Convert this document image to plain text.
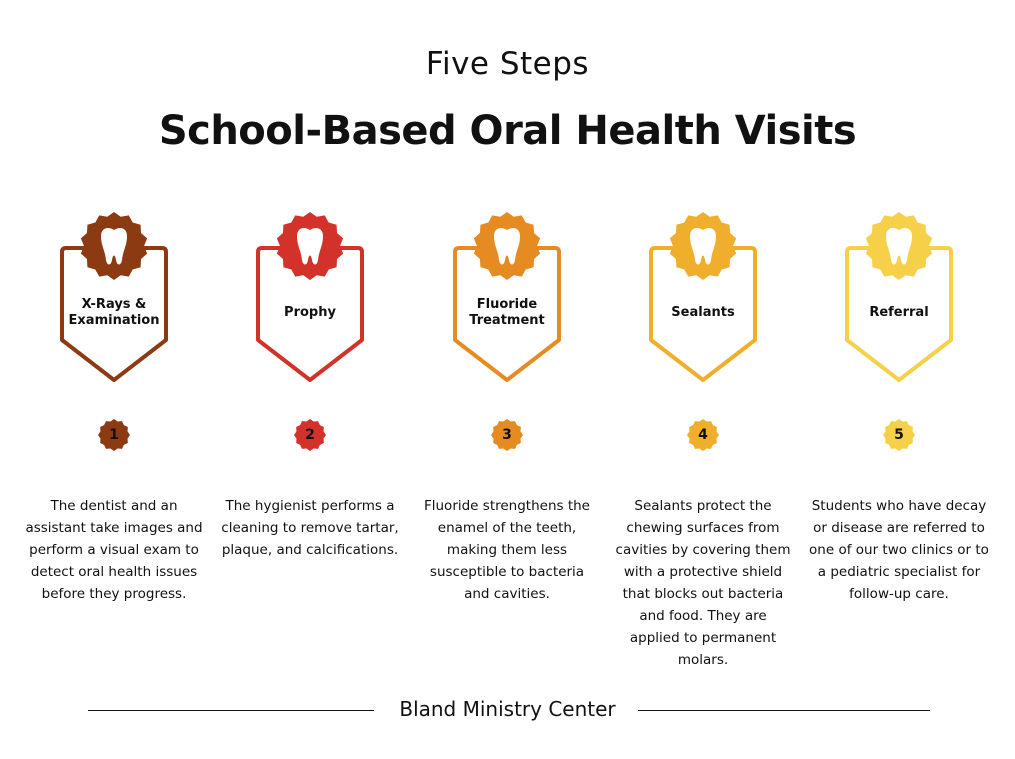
Five Steps
School-Based Oral Health Visits
X-Rays & Examination
1
The dentist and an assistant take images and perform a visual exam to detect oral health issues before they progress.
Prophy
2
The hygienist performs a cleaning to remove tartar, plaque, and calcifications.
Fluoride Treatment
3
Fluoride strengthens the enamel of the teeth, making them less susceptible to bacteria and cavities.
Sealants
4
Sealants protect the chewing surfaces from cavities by covering them with a protective shield that blocks out bacteria and food. They are applied to permanent molars.
Referral
5
Students who have decay or disease are referred to one of our two clinics or to a pediatric specialist for follow-up care.
Bland Ministry Center
